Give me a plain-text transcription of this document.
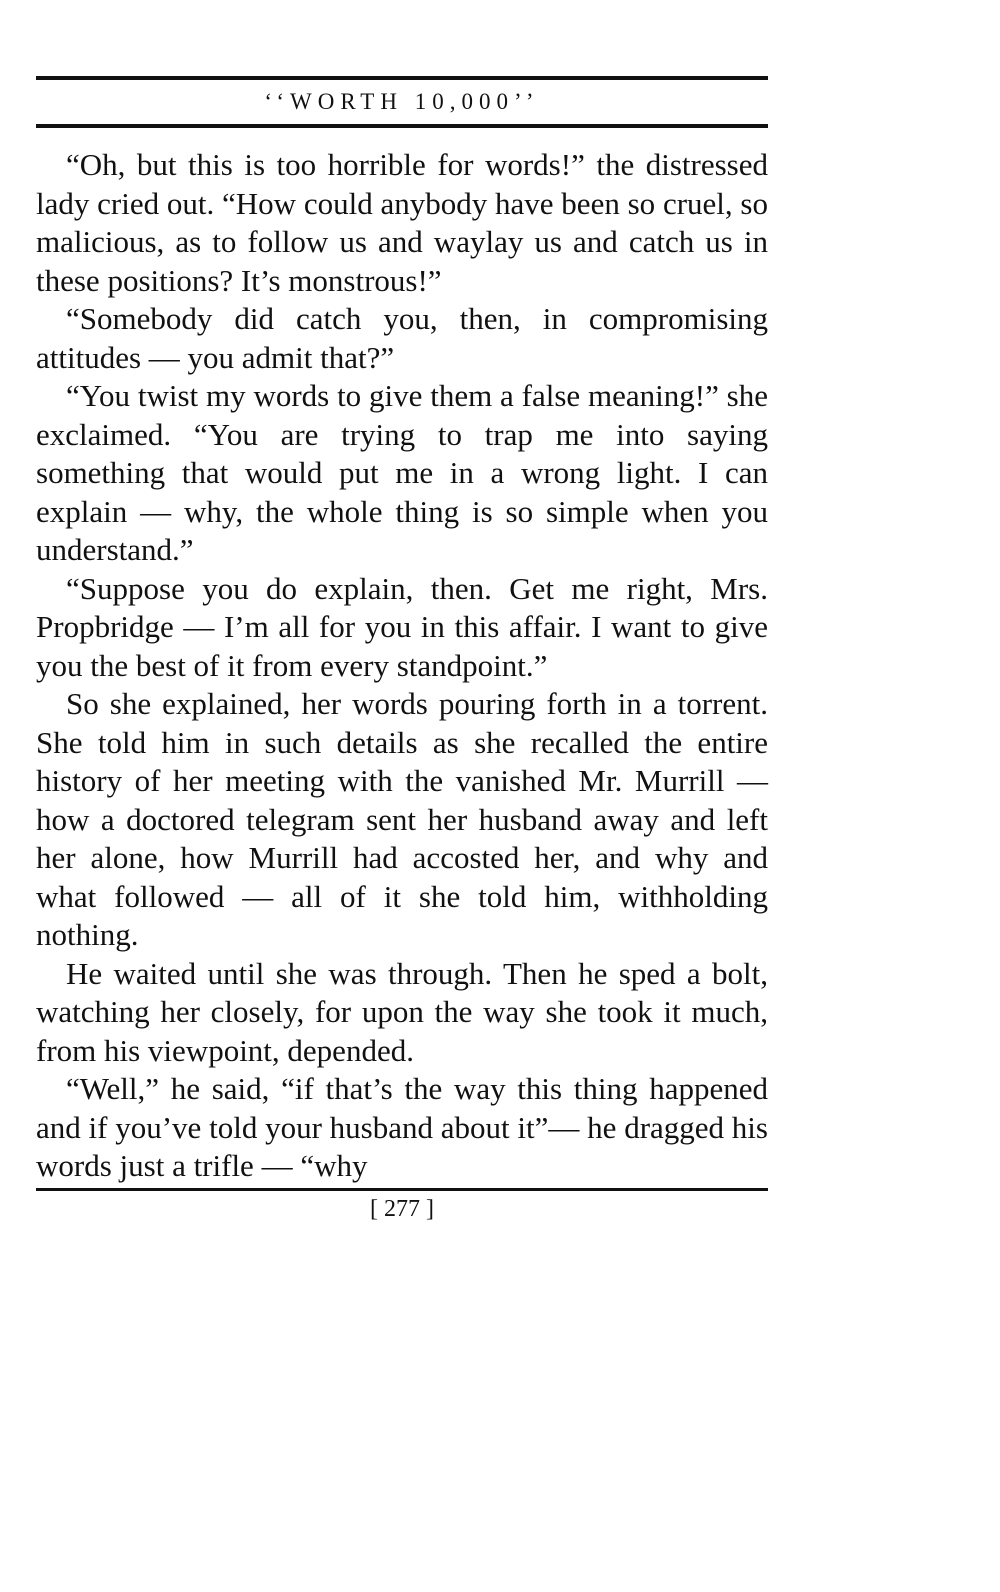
‘‘WORTH 10,000’’

“Oh, but this is too horrible for words!” the distressed lady cried out. “How could anybody have been so cruel, so malicious, as to follow us and waylay us and catch us in these positions? It’s monstrous!”

“Somebody did catch you, then, in compromising attitudes — you admit that?”

“You twist my words to give them a false meaning!” she exclaimed. “You are trying to trap me into saying something that would put me in a wrong light. I can explain — why, the whole thing is so simple when you understand.”

“Suppose you do explain, then. Get me right, Mrs. Propbridge — I’m all for you in this affair. I want to give you the best of it from every standpoint.”

So she explained, her words pouring forth in a torrent. She told him in such details as she recalled the entire history of her meeting with the vanished Mr. Murrill — how a doctored telegram sent her husband away and left her alone, how Murrill had accosted her, and why and what followed — all of it she told him, withholding nothing.

He waited until she was through. Then he sped a bolt, watching her closely, for upon the way she took it much, from his viewpoint, depended.

“Well,” he said, “if that’s the way this thing happened and if you’ve told your husband about it”— he dragged his words just a trifle — “why

[ 277 ]
